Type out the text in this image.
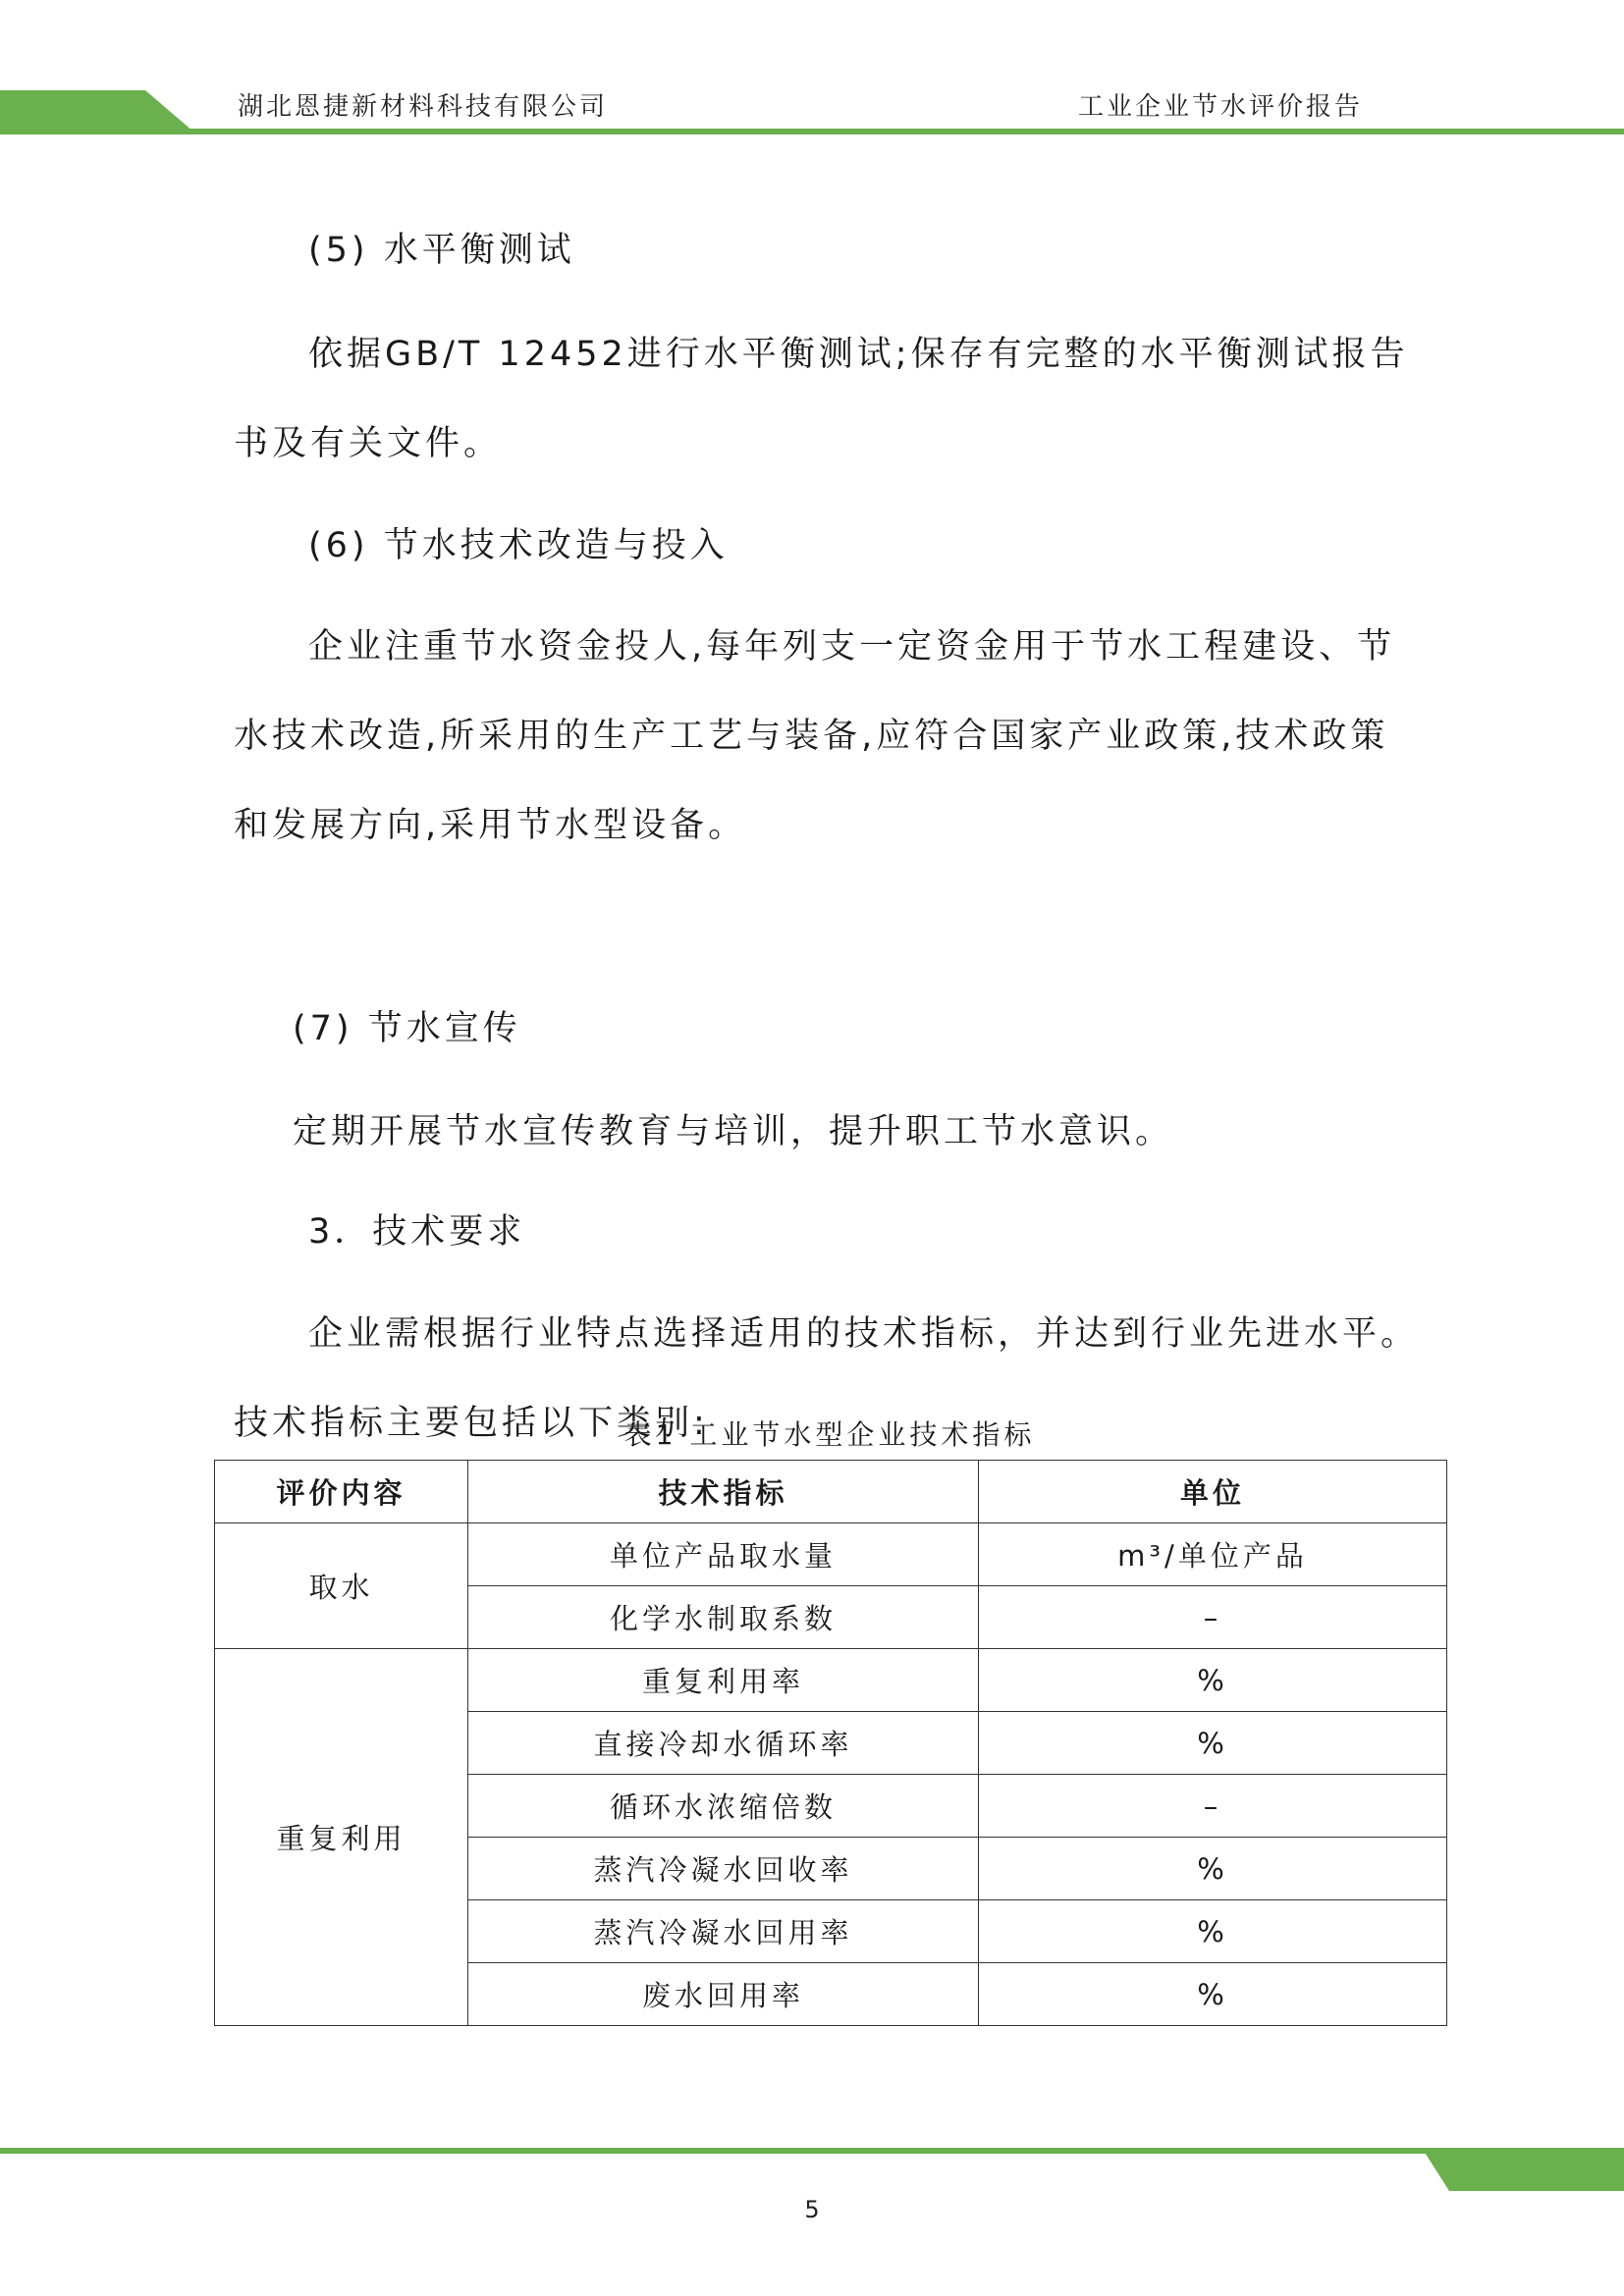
湖北恩捷新材料科技有限公司	工业企业节水评价报告

(5) 水平衡测试

依据GB/T 12452进行水平衡测试;保存有完整的水平衡测试报告书及有关文件。

(6) 节水技术改造与投入

企业注重节水资金投人,每年列支一定资金用于节水工程建设、节水技术改造,所采用的生产工艺与装备,应符合国家产业政策,技术政策和发展方向,采用节水型设备。

(7) 节水宣传

定期开展节水宣传教育与培训，提升职工节水意识。

3．技术要求

企业需根据行业特点选择适用的技术指标，并达到行业先进水平。技术指标主要包括以下类别:

表1 工业节水型企业技术指标
评价内容	技术指标	单位
取水	单位产品取水量	m³/单位产品
	化学水制取系数	–
重复利用	重复利用率	%
	直接冷却水循环率	%
	循环水浓缩倍数	–
	蒸汽冷凝水回收率	%
	蒸汽冷凝水回用率	%
	废水回用率	%
5
